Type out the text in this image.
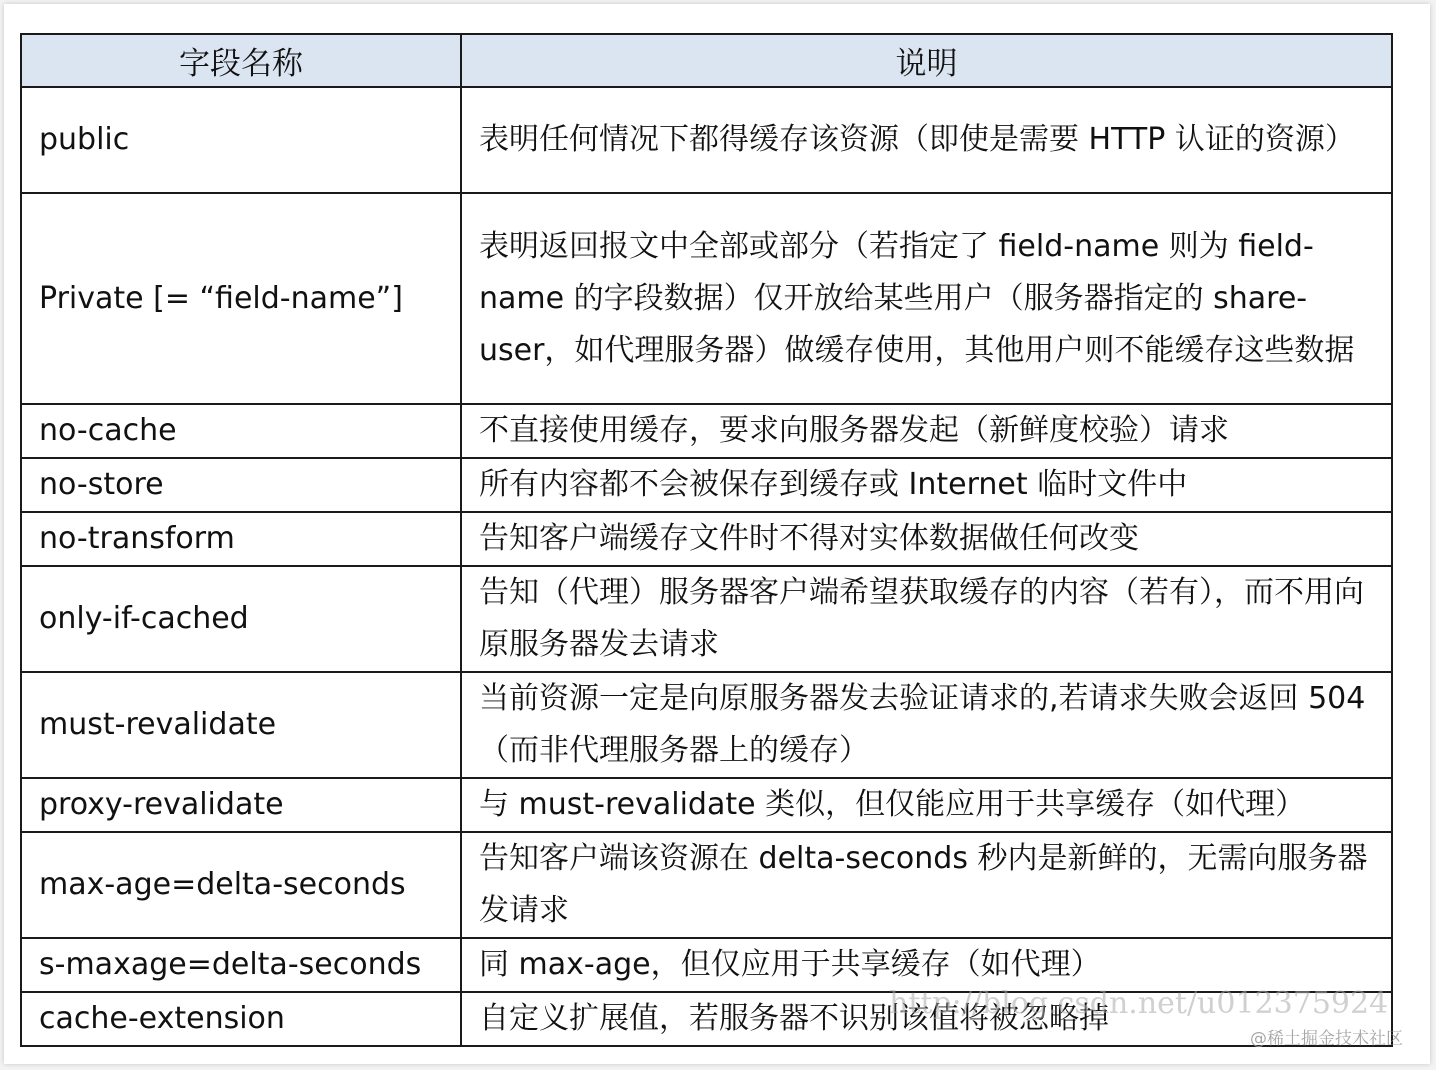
字段名称	说明
public	表明任何情况下都得缓存该资源（即使是需要 HTTP 认证的资源）
Private [= “field-name”]	表明返回报文中全部或部分（若指定了 field-name 则为 field-name 的字段数据）仅开放给某些用户（服务器指定的 share-user，如代理服务器）做缓存使用，其他用户则不能缓存这些数据
no-cache	不直接使用缓存，要求向服务器发起（新鲜度校验）请求
no-store	所有内容都不会被保存到缓存或 Internet 临时文件中
no-transform	告知客户端缓存文件时不得对实体数据做任何改变
only-if-cached	告知（代理）服务器客户端希望获取缓存的内容（若有），而不用向原服务器发去请求
must-revalidate	当前资源一定是向原服务器发去验证请求的,若请求失败会返回 504（而非代理服务器上的缓存）
proxy-revalidate	与 must-revalidate 类似，但仅能应用于共享缓存（如代理）
max-age=delta-seconds	告知客户端该资源在 delta-seconds 秒内是新鲜的，无需向服务器发请求
s-maxage=delta-seconds	同 max-age，但仅应用于共享缓存（如代理）
cache-extension	自定义扩展值，若服务器不识别该值将被忽略掉
http://blog.csdn.net/u012375924
@稀土掘金技术社区
